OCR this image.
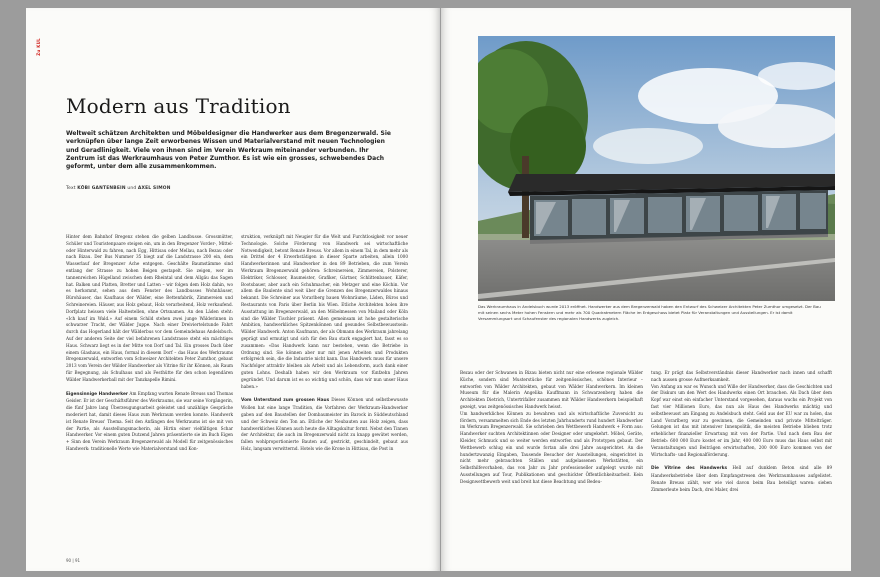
Zu KUL
Modern aus Tradition

Weltweit schätzen Architekten und Möbeldesigner die Handwerker aus dem Bregenzerwald. Sie verknüpfen über lange Zeit erworbenes Wissen und Materialverstand mit neuen Technologien und Geradlinigkeit. Viele von ihnen sind im Verein Werkraum miteinander verbunden. Ihr Zentrum ist das Werkraumhaus von Peter Zumthor. Es ist wie ein grosses, schwebendes Dach geformt, unter dem alle zusammenkommen.

Text KÖBI GANTENBEIN und AXEL SIMON

Hinter dem Bahnhof Bregenz stehen die gelben Landbusse. Grossmütter, Schüler und Touristenpaare steigen ein, um in den Bregenzer Vorder-, Mittel- oder Hinterwald zu fahren, nach Egg, Hittisau oder Mellau, nach Bezau oder nach Bizau. Der Bus Nummer 35 biegt auf die Landstrasse 200 ein, dem Wasserlauf der Bregenzer Ache entgegen. Geschälte Baumstämme sind entlang der Strasse zu hohen Beigen gestapelt. Sie zeigen, wer im tannenreichen Hügelland zwischen dem Rheintal und dem Allgäu das Sagen hat. Balken und Platten, Bretter und Latten – wir folgen dem Holz dahin, wo es herkommt, sehen aus dem Fenster des Landbusses Wohnhäuser, Bürohäuser, das Kaufhaus der Wälder, eine Bettenfabrik, Zimmereien und Schreinereien. Häuser, aus Holz gebaut, Holz verarbeitend, Holz verkaufend. Dorfplatz heissen viele Haltestellen, ohne Ortsnamen. An den Läden steht: «Ich kauf im Wald.» Auf einem Schild stehen zwei junge Wälderinnen in schwarzer Tracht, der Wälder Juppe. Nach einer Dreiviertelstunde Fahrt durch das Hogerland hält der Wälderbus vor dem Gemeindehaus Andelsbuch. Auf der anderen Seite der viel befahrenen Landstrasse steht ein mächtiges Haus. Schwarz liegt es in der Mitte von Dorf und Tal. Ein grosses Dach über einem Glashaus, ein Haus, formal in diesem Dorf – das Haus des Werkraums Bregenzerwald, entworfen vom Schweizer Architekten Peter Zumthor, gebaut 2013 vom Verein der Wälder Handwerker als Vitrine für ihr Können, als Raum für Begegnung, als Schulhaus und als Festhütte für den schon legendären Wälder Handwerkerball mit der Tanzkapelle Rimini.

Eigensinnige Handwerker Am Empfang warten Renate Breuss und Thomas Geisler. Er ist der Geschäftsführer des Werkraums, sie war seine Vorgängerin, die fünf Jahre lang Überzeugungsarbeit geleistet und unzählige Gespräche moderiert hat, damit dieses Haus zum Werkraum werden konnte. Handwerk ist Renate Breuss' Thema. Seit den Anfängen des Werkraums ist sie mit von der Partie, als Ausstellungsmacherin, als Hirtin einer vielfältigen Schar Handwerker. Vor einem guten Dutzend Jahren präsentierte sie im Buch Eigen + Sinn den Verein Werkraum Bregenzerwald als Modell für zeitgenössisches Handwerk: traditionelle Werte wie Materialverstand und Kon-

struktion, verknüpft mit Neugier für die Welt und Furchtlosigkeit vor neuer Technologie. Solche Förderung von Handwerk sei wirtschaftliche Notwendigkeit, betont Renate Breuss. Vor allem in einem Tal, in dem mehr als ein Drittel der 4 Erwerbstätigen in dieser Sparte arbeiten, allein 1000 Handwerkerinnen und Handwerker in den 89 Betrieben, die zum Verein Werkraum Bregenzerwald gehören: Schreinereien, Zimmereien, Polsterer, Elektriker, Schlosser, Baumeister, Grafiker, Gärtner, Schlittenbauer, Käfer, Bootsbauer, aber auch ein Schuhmacher, ein Metzger und eine Köchin. Vor allem die Baulente sind weit über die Grenzen des Bregenzerwaldes hinaus bekannt. Die Schreiner aus Vorarlberg bauen Wohnräume, Läden, Büros und Restaurants von Paris über Berlin bis Wien. Etliche Architekten holen ihre Ausstattung im Bregenzerwald, an den Möbelmessen von Mailand oder Köln sind die Wälder Tischler präsent. Allen gemeinsam ist hohe gestalterische Ambition, handwerkliches Spitzenkönnen und gesundes Selbstbewusstsein: Wälder Handwerk. Anton Kaufmann, der als Obmann des Werkraum jahrelang geprägt und ermutigt und sich für den Bau stark engagiert hat, fasst es so zusammen: «Das Handwerk kann nur bestehen, wenn die Betriebe in Ordnung sind. Sie können aber nur mit jenen Arbeiten und Produkten erfolgreich sein, die die Industrie nicht kann. Das Handwerk muss für unsere Nachfolger attraktiv bleiben als Arbeit und als Lebensform, auch dank einer guten Lohns. Deshalb haben wir den Werkraum vor fünfzehn Jahren gegründet. Und darum ist es so wichtig und schön, dass wir nun unser Haus haben.»

Vom Unterstand zum grossen Haus Dieses Können und selbstbewusste Wollen hat eine lange Tradition, die Vorfahren der Werkraum-Handwerker gaben auf den Baustellen der Dombaumeister im Barock in Süddeutschland und der Schweiz den Ton an. Etliche der Neubauten aus Holz zeigen, dass handwerkliches Können auch heute die Alltagskultur formt. Nebst den Tinnen der Architektur, die auch im Bregenzerwald nicht zu knapp gewütet werden, fallen wohlproportionierte Bauten auf, gestrickt, geschindelt, gebaut aus Holz, langsam verwitternd. Hotels wie die Krone in Hittisau, die Post in

90 | 91

Das Werkraumhaus in Andelsbuch wurde 2013 eröffnet. Handwerker aus dem Bregenzerwald haben den Entwurf des Schweizer Architekten Peter Zumthor umgesetzt. Der Bau mit seinen sechs Meter hohen Fenstern und mehr als 700 Quadratmetern Fläche im Erdgeschoss bietet Platz für Veranstaltungen und Ausstellungen. Er ist damit Versammlungsort und Schaufenster des regionalen Handwerks zugleich.

Bezau oder der Schwanen in Bizau bieten nicht nur eine erlesene regionale Wälder Küche, sondern sind Musterstücke für zeitgenössisches, schönes Interieur – entworfen von Wälder Architekten, gebaut von Wälder Handwerkern. Im kleinen Museum für die Malerin Angelika Kauffmann in Schwarzenberg haben die Architekten Dietrich, Untertrifaller zusammen mit Wälder Handwerkern beispielhaft gezeigt, was zeitgenössisches Handwerk heisst.

Um handwerkliches Können zu bewahren und als wirtschaftliche Zuversicht zu fördern, versammelten sich Ende des letzten Jahrhunderts rund hundert Handwerker im Werkraum Bregenzerwald. Sie schrieben den Wettbewerb Handwerk + Form aus: Handwerker suchten Architektinnen oder Designer oder umgekehrt. Möbel, Geräte, Kleider, Schmuck und so weiter werden entworfen und als Prototypen gebaut. Der Wettbewerb schlug ein und wurde fortan alle drei Jahre ausgerichtet. An die hundertzwanzig Eingaben, Tausende Besucher der Ausstellungen, eingerichtet in nicht mehr gebrauchten Ställen und aufgelassenen Werkstätten, ein Selbsthilfevorhaben, das von Jahr zu Jahr professioneller aufgelegt wurde mit Ausstellungen auf Tour, Publikationen und geschickter Öffentlichkeitsarbeit. Kein Designwettbewerb weit und breit hat diese Beachtung und Bedeu-

tung. Er prägt das Selbstverständnis dieser Handwerker nach innen und schafft nach aussen grosse Aufmerksamkeit.

Von Anfang an war es Wunsch und Wille der Handwerker, dass die Geschichten und der Diskurs um den Wert des Handwerks einen Ort brauchen. Als Dach über dem Kopf war einst ein einfacher Unterstand vorgesehen, daraus wuchs ein Projekt von fast vier Millionen Euro, das nun als Haus des Handwerks mächtig und selbstbewusst am Eingang zu Andelsbuch steht. Geld aus der EU war zu holen, das Land Vorarlberg war zu gewinnen, die Gemeinden und private Mittelträger. Gelungen ist das mit intensiver Innenpolitik, die meisten Betriebe blieben trotz erheblicher finanzieller Erwartung mit von der Partie. Und nach dem Bau der Betrieb: 600 000 Euro kostet er im Jahr, 400 000 Euro muss das Haus selbst mit Veranstaltungen und Beiträgen erwirtschaften, 200 000 Euro kommen von der Wirtschafts- und Regionalförderung.

Die Vitrine des Handwerks Hell auf dunklem Beton sind alle 89 Handwerksbetriebe über dem Empfangstresen des Werkraumhauses aufgelistet. Renate Breuss zählt, wer wie viel davon beim Bau beteiligt waren: sieben Zimmerleute beim Dach, drei Maler, drei
